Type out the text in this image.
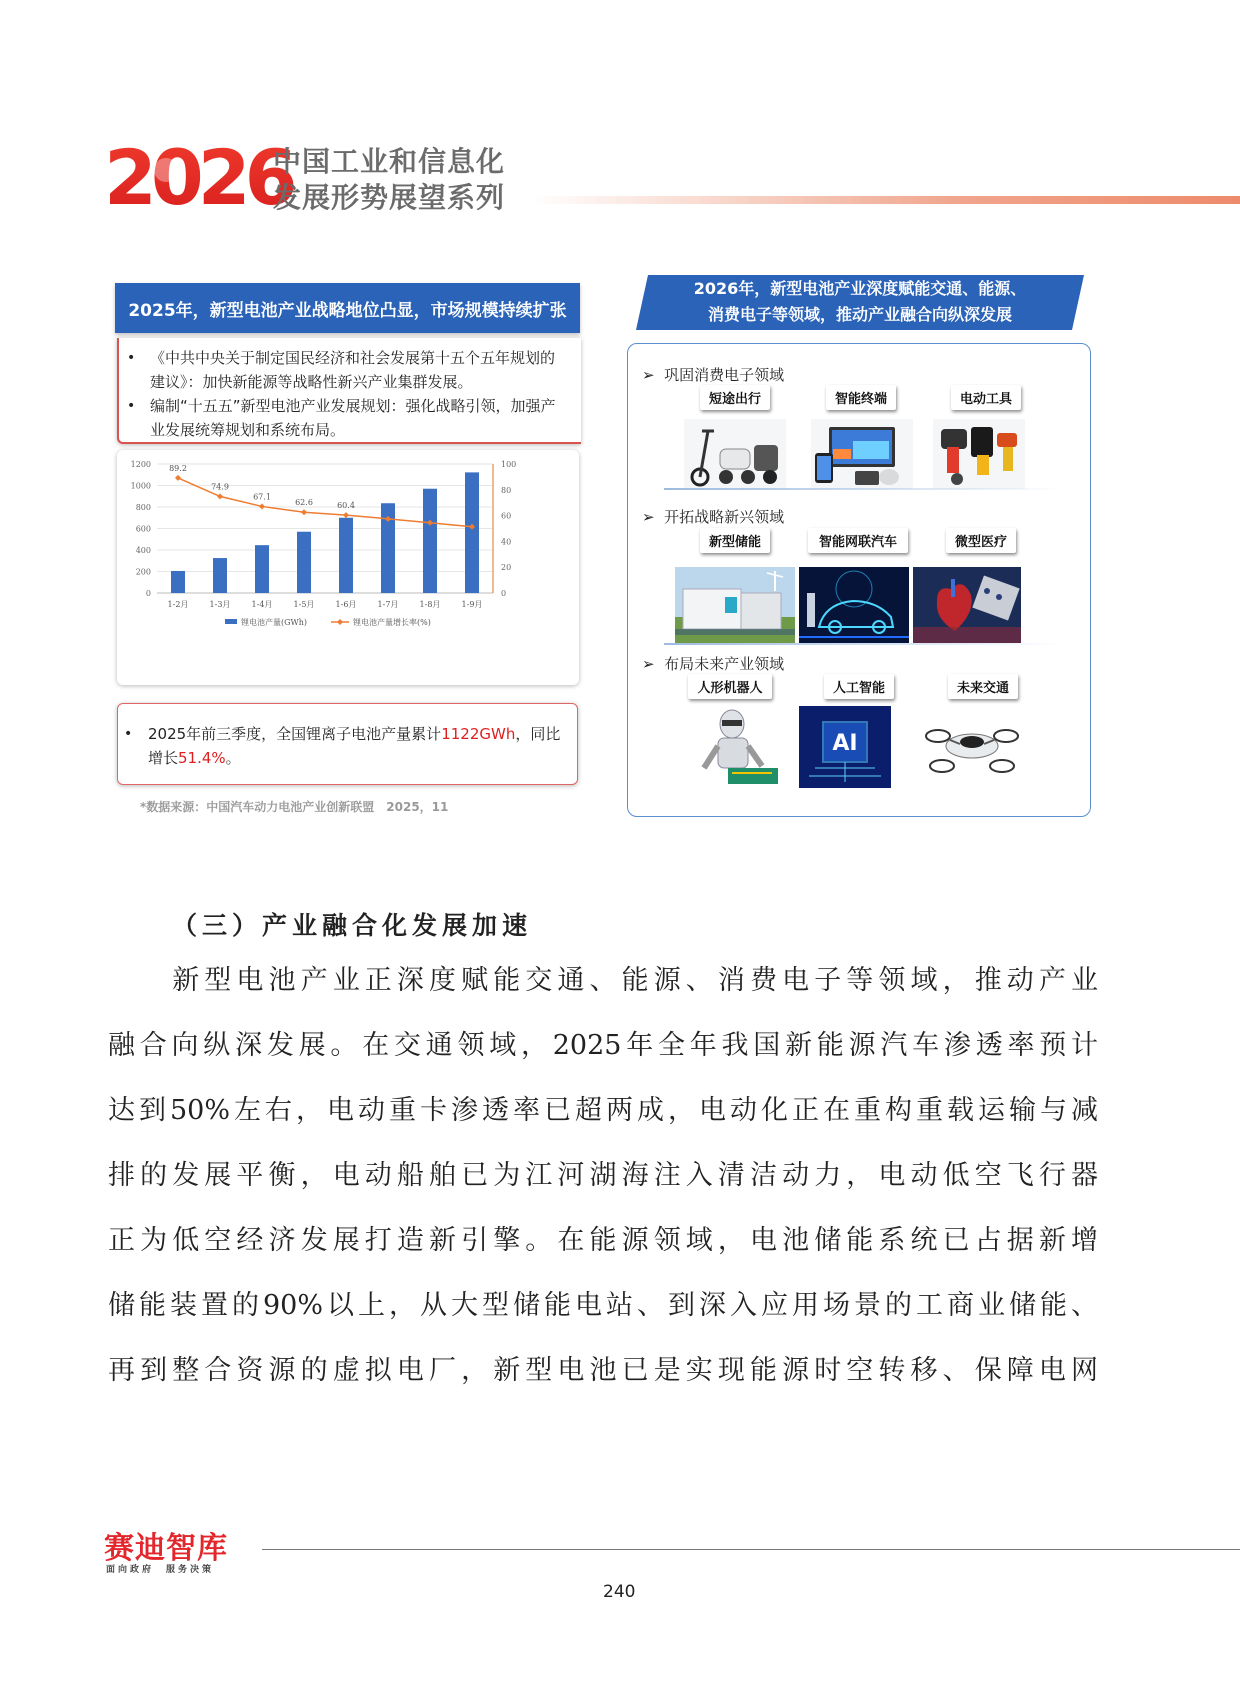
2026
中国工业和信息化
发展形势展望系列
2025年，新型电池产业战略地位凸显，市场规模持续扩张
• 《中共中央关于制定国民经济和社会发展第十五个五年规划的
建议》：加快新能源等战略性新兴产业集群发展。
• 编制“十五五”新型电池产业发展规划：强化战略引领，加强产
业发展统筹规划和系统布局。
0
200
400
600
800
1000
1200
0
20
40
60
80
100
1-2月	1-3月	1-4月	1-5月	1-6月	1-7月	1-8月	1-9月
89.2
74.9
67.1
62.6	60.4
锂电池产量(GWh)	锂电池产量增长率(%)
• 2025年前三季度，全国锂离子电池产量累计1122GWh，同比
增长51.4%。
*数据来源：中国汽车动力电池产业创新联盟　2025，11
2026年，新型电池产业深度赋能交通、能源、
消费电子等领域，推动产业融合向纵深发展
➢ 巩固消费电子领域
短途出行	智能终端	电动工具
➢ 开拓战略新兴领域
新型储能	智能网联汽车	微型医疗
➢ 布局未来产业领域
人形机器人	人工智能	未来交通
AI
（三）产业融合化发展加速
　　新型电池产业正深度赋能交通、能源、消费电子等领域，推动产业
融合向纵深发展。在交通领域，2025年全年我国新能源汽车渗透率预计
达到50%左右，电动重卡渗透率已超两成，电动化正在重构重载运输与减
排的发展平衡，电动船舶已为江河湖海注入清洁动力，电动低空飞行器
正为低空经济发展打造新引擎。在能源领域，电池储能系统已占据新增
储能装置的90%以上，从大型储能电站、到深入应用场景的工商业储能、
再到整合资源的虚拟电厂，新型电池已是实现能源时空转移、保障电网
赛迪智库
面向政府　服务决策
240
